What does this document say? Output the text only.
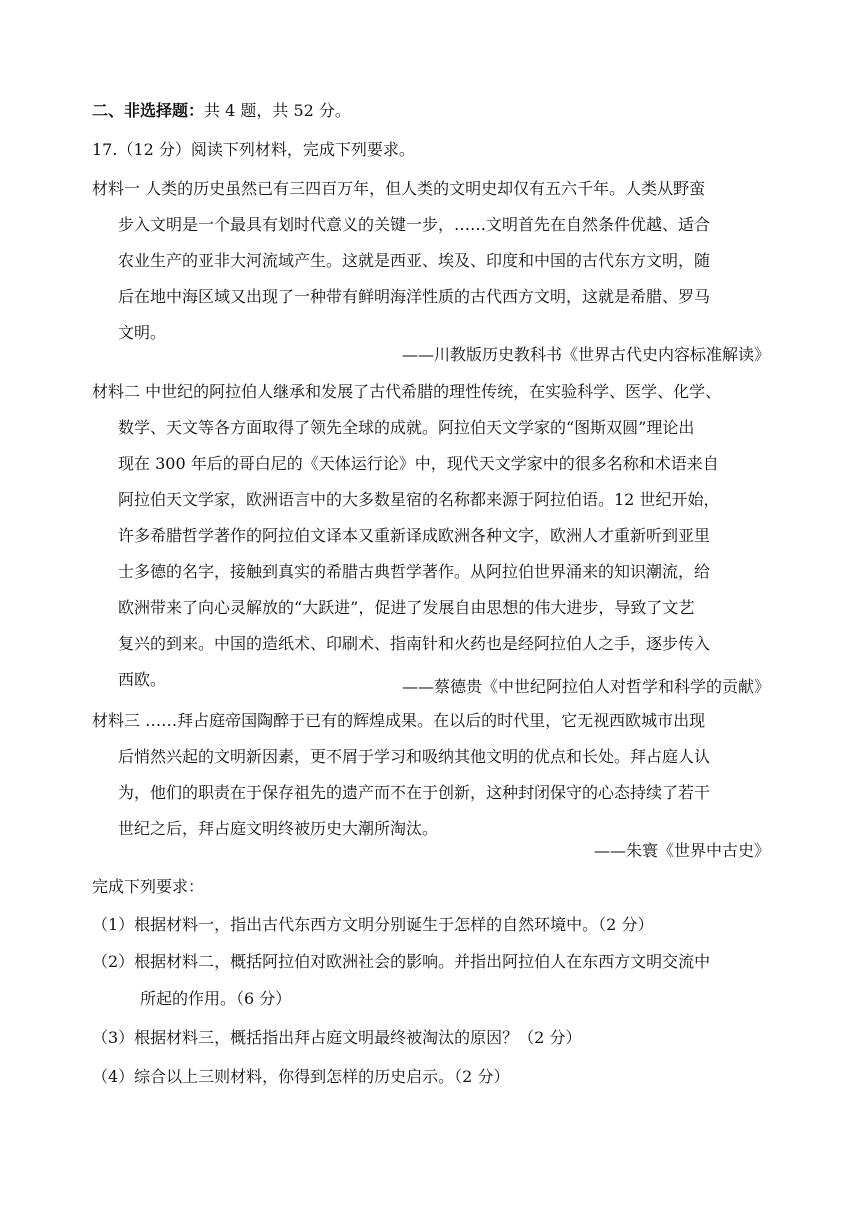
二、非选择题：共 4 题，共 52 分。
17.（12 分）阅读下列材料，完成下列要求。
材料一 人类的历史虽然已有三四百万年，但人类的文明史却仅有五六千年。人类从野蛮
步入文明是一个最具有划时代意义的关键一步，……文明首先在自然条件优越、适合
农业生产的亚非大河流域产生。这就是西亚、埃及、印度和中国的古代东方文明，随
后在地中海区域又出现了一种带有鲜明海洋性质的古代西方文明，这就是希腊、罗马
文明。
——川教版历史教科书《世界古代史内容标准解读》
材料二 中世纪的阿拉伯人继承和发展了古代希腊的理性传统，在实验科学、医学、化学、
数学、天文等各方面取得了领先全球的成就。阿拉伯天文学家的“图斯双圆”理论出
现在 300 年后的哥白尼的《天体运行论》中，现代天文学家中的很多名称和术语来自
阿拉伯天文学家，欧洲语言中的大多数星宿的名称都来源于阿拉伯语。12 世纪开始，
许多希腊哲学著作的阿拉伯文译本又重新译成欧洲各种文字，欧洲人才重新听到亚里
士多德的名字，接触到真实的希腊古典哲学著作。从阿拉伯世界涌来的知识潮流，给
欧洲带来了向心灵解放的“大跃进”，促进了发展自由思想的伟大进步，导致了文艺
复兴的到来。中国的造纸术、印刷术、指南针和火药也是经阿拉伯人之手，逐步传入
西欧。	——蔡德贵《中世纪阿拉伯人对哲学和科学的贡献》
材料三 ……拜占庭帝国陶醉于已有的辉煌成果。在以后的时代里，它无视西欧城市出现
后悄然兴起的文明新因素，更不屑于学习和吸纳其他文明的优点和长处。拜占庭人认
为，他们的职责在于保存祖先的遗产而不在于创新，这种封闭保守的心态持续了若干
世纪之后，拜占庭文明终被历史大潮所淘汰。
——朱寰《世界中古史》
完成下列要求：
（1）根据材料一，指出古代东西方文明分别诞生于怎样的自然环境中。（2 分）
（2）根据材料二，概括阿拉伯对欧洲社会的影响。并指出阿拉伯人在东西方文明交流中
所起的作用。（6 分）
（3）根据材料三，概括指出拜占庭文明最终被淘汰的原因？（2 分）
（4）综合以上三则材料，你得到怎样的历史启示。（2 分）
